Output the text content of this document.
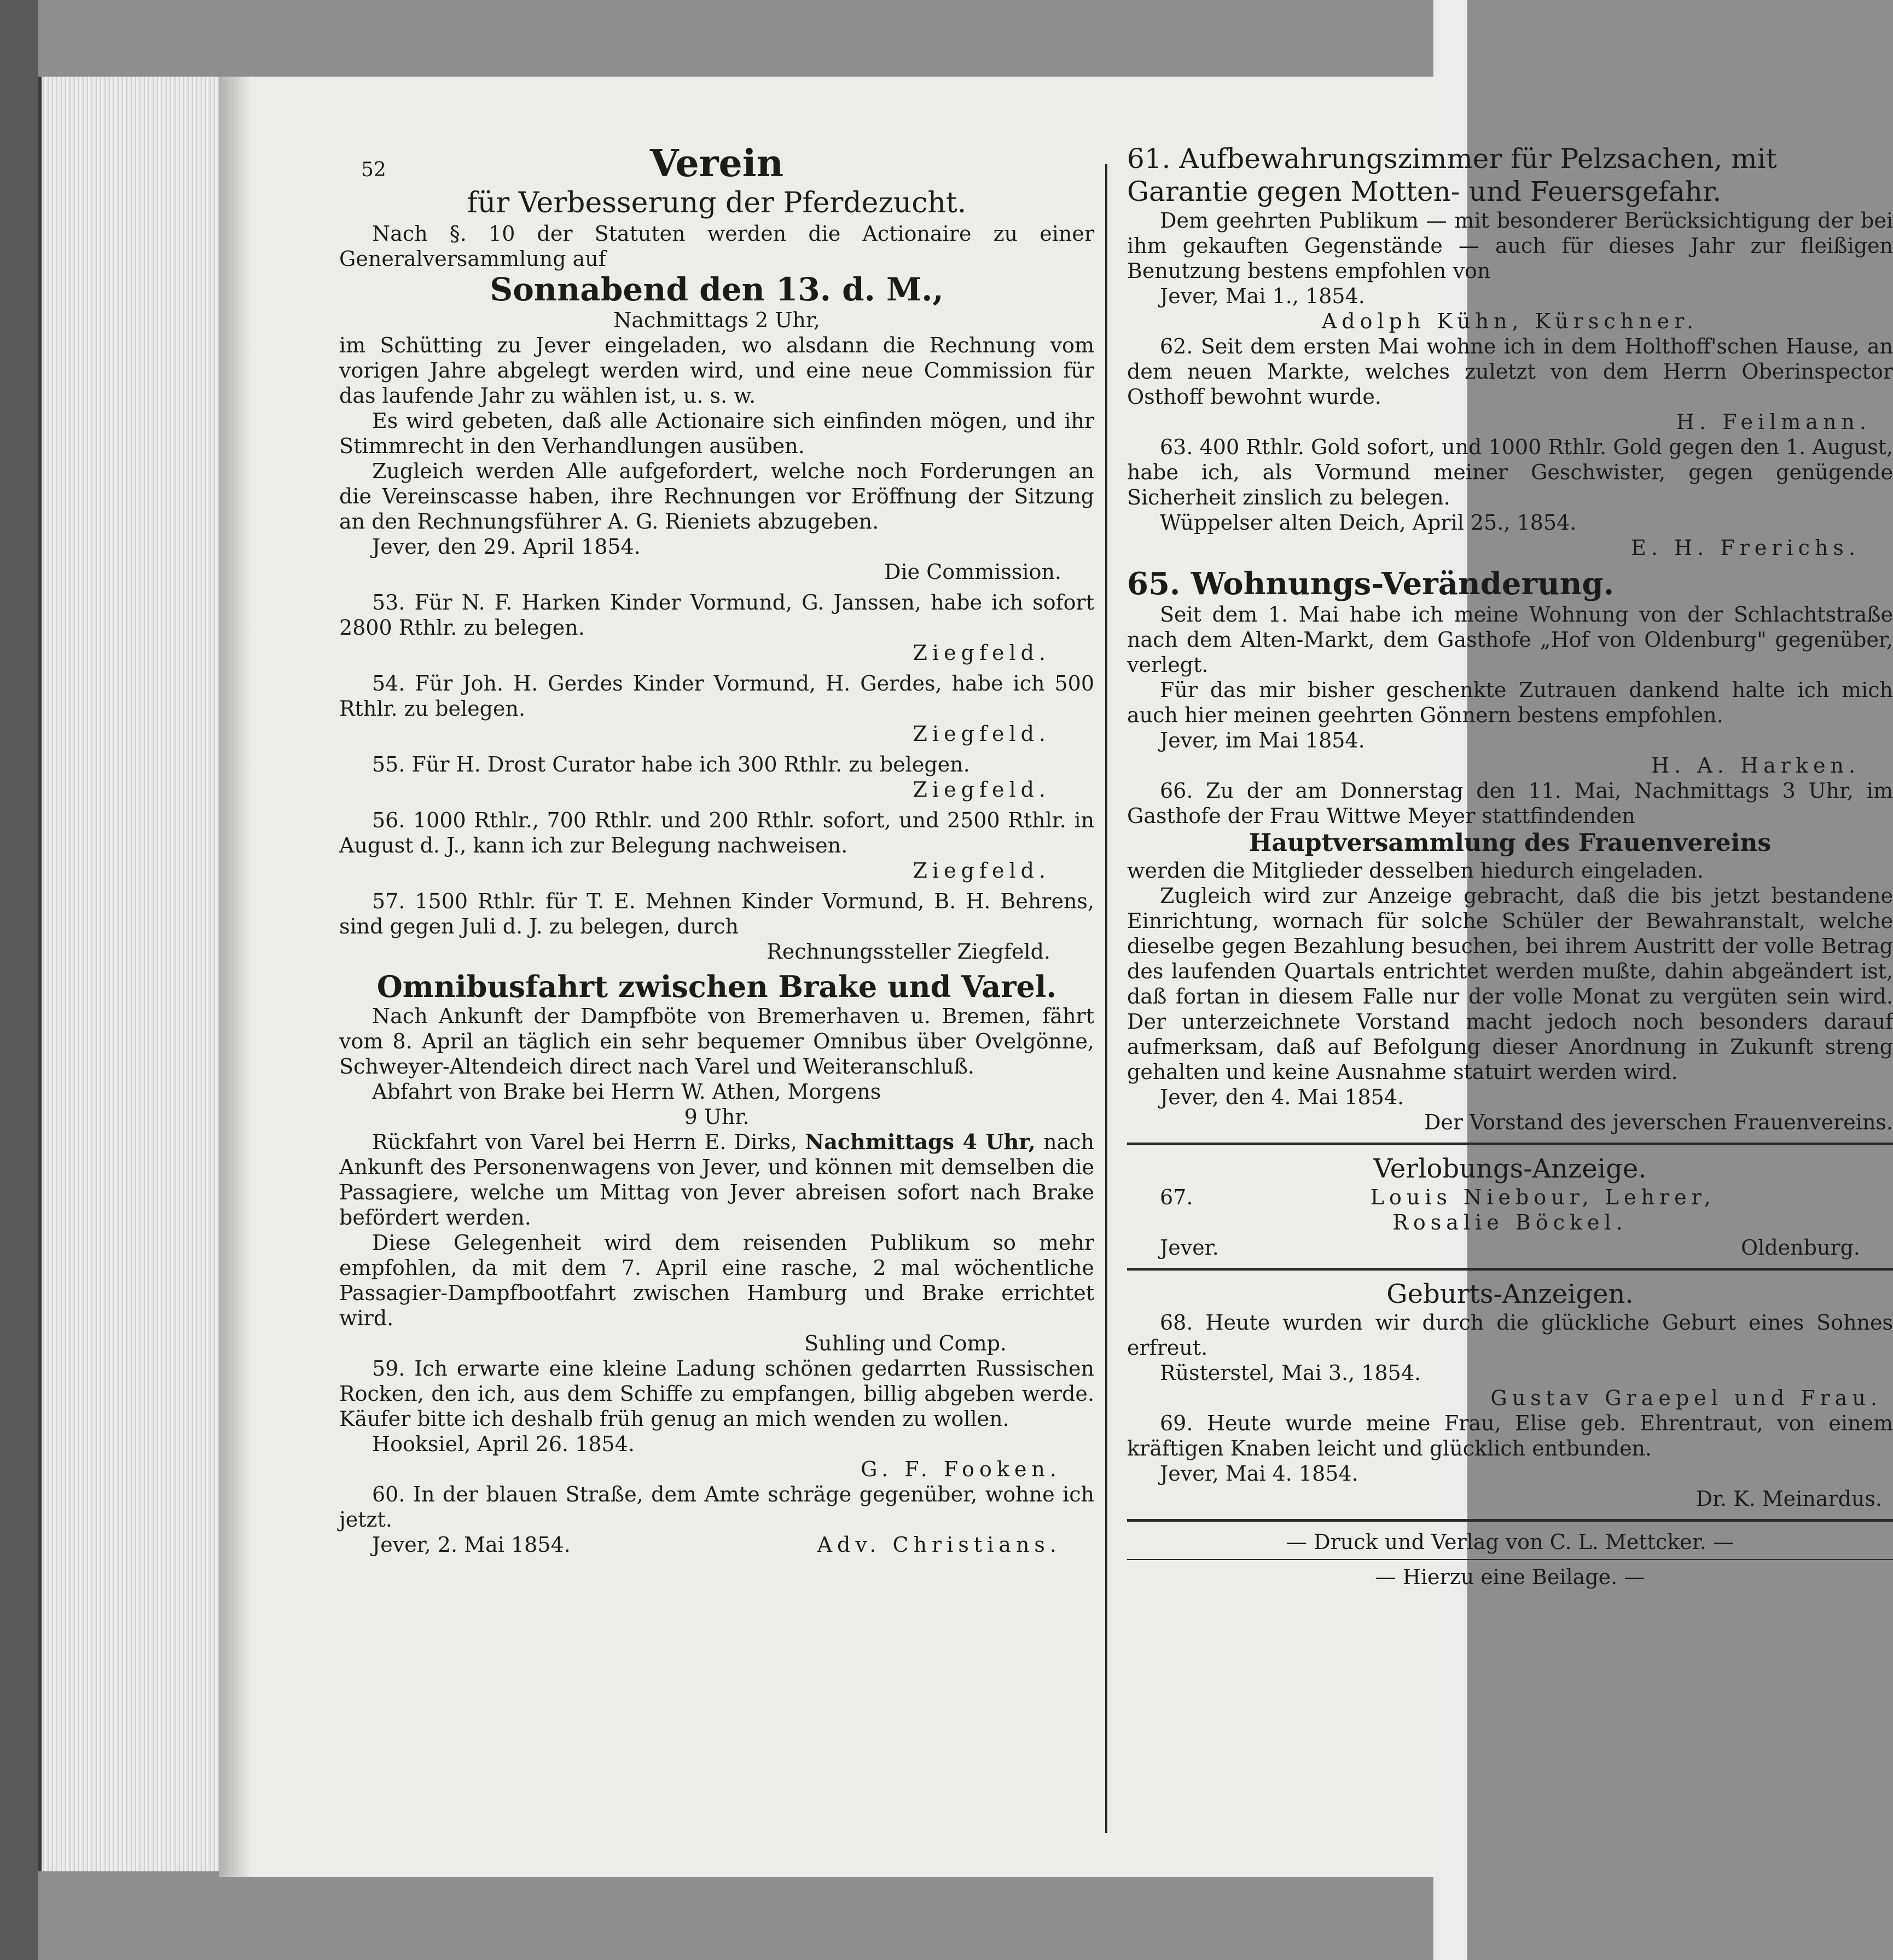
52	Verein
für Verbesserung der Pferdezucht.

Nach §. 10 der Statuten werden die Actionaire zu einer Generalversammlung auf

Sonnabend den 13. d. M.,

Nachmittags 2 Uhr,

im Schütting zu Jever eingeladen, wo alsdann die Rechnung vom vorigen Jahre abgelegt werden wird, und eine neue Commission für das laufende Jahr zu wählen ist, u. s. w.

Es wird gebeten, daß alle Actionaire sich einfinden mögen, und ihr Stimmrecht in den Verhandlungen ausüben.

Zugleich werden Alle aufgefordert, welche noch Forderungen an die Vereinscasse haben, ihre Rechnungen vor Eröffnung der Sitzung an den Rechnungsführer A. G. Rieniets abzugeben.

Jever, den 29. April 1854.

Die Commission.

53. Für N. F. Harken Kinder Vormund, G. Janssen, habe ich sofort 2800 Rthlr. zu belegen.

Ziegfeld.

54. Für Joh. H. Gerdes Kinder Vormund, H. Gerdes, habe ich 500 Rthlr. zu belegen.

Ziegfeld.

55. Für H. Drost Curator habe ich 300 Rthlr. zu belegen.

Ziegfeld.

56. 1000 Rthlr., 700 Rthlr. und 200 Rthlr. sofort, und 2500 Rthlr. in August d. J., kann ich zur Belegung nachweisen.

Ziegfeld.

57. 1500 Rthlr. für T. E. Mehnen Kinder Vormund, B. H. Behrens, sind gegen Juli d. J. zu belegen, durch

Rechnungssteller Ziegfeld.

Omnibusfahrt zwischen Brake und Varel.

Nach Ankunft der Dampfböte von Bremerhaven u. Bremen, fährt vom 8. April an täglich ein sehr bequemer Omnibus über Ovelgönne, Schweyer-Altendeich direct nach Varel und Weiteranschluß.

Abfahrt von Brake bei Herrn W. Athen, Morgens

9 Uhr.

Rückfahrt von Varel bei Herrn E. Dirks, Nachmittags 4 Uhr, nach Ankunft des Personenwagens von Jever, und können mit demselben die Passagiere, welche um Mittag von Jever abreisen sofort nach Brake befördert werden.

Diese Gelegenheit wird dem reisenden Publikum so mehr empfohlen, da mit dem 7. April eine rasche, 2 mal wöchentliche Passagier-Dampfbootfahrt zwischen Hamburg und Brake errichtet wird.

Suhling und Comp.

59. Ich erwarte eine kleine Ladung schönen gedarrten Russischen Rocken, den ich, aus dem Schiffe zu empfangen, billig abgeben werde. Käufer bitte ich deshalb früh genug an mich wenden zu wollen.

Hooksiel, April 26. 1854.

G. F. Fooken.

60. In der blauen Straße, dem Amte schräge gegenüber, wohne ich jetzt.

Jever, 2. Mai 1854.	Adv. Christians.

61. Aufbewahrungszimmer für Pelzsachen, mit Garantie gegen Motten- und Feuersgefahr.

Dem geehrten Publikum — mit besonderer Berücksichtigung der bei ihm gekauften Gegenstände — auch für dieses Jahr zur fleißigen Benutzung bestens empfohlen von

Jever, Mai 1., 1854.

Adolph Kühn, Kürschner.

62. Seit dem ersten Mai wohne ich in dem Holthoff'schen Hause, an dem neuen Markte, welches zuletzt von dem Herrn Oberinspector Osthoff bewohnt wurde.

H. Feilmann.

63. 400 Rthlr. Gold sofort, und 1000 Rthlr. Gold gegen den 1. August, habe ich, als Vormund meiner Geschwister, gegen genügende Sicherheit zinslich zu belegen.

Wüppelser alten Deich, April 25., 1854.

E. H. Frerichs.

65. Wohnungs-Veränderung.

Seit dem 1. Mai habe ich meine Wohnung von der Schlachtstraße nach dem Alten-Markt, dem Gasthofe „Hof von Oldenburg" gegenüber, verlegt.

Für das mir bisher geschenkte Zutrauen dankend halte ich mich auch hier meinen geehrten Gönnern bestens empfohlen.

Jever, im Mai 1854.

H. A. Harken.

66. Zu der am Donnerstag den 11. Mai, Nachmittags 3 Uhr, im Gasthofe der Frau Wittwe Meyer stattfindenden

Hauptversammlung des Frauenvereins

werden die Mitglieder desselben hiedurch eingeladen.

Zugleich wird zur Anzeige gebracht, daß die bis jetzt bestandene Einrichtung, wornach für solche Schüler der Bewahranstalt, welche dieselbe gegen Bezahlung besuchen, bei ihrem Austritt der volle Betrag des laufenden Quartals entrichtet werden mußte, dahin abgeändert ist, daß fortan in diesem Falle nur der volle Monat zu vergüten sein wird. Der unterzeichnete Vorstand macht jedoch noch besonders darauf aufmerksam, daß auf Befolgung dieser Anordnung in Zukunft streng gehalten und keine Ausnahme statuirt werden wird.

Jever, den 4. Mai 1854.

Der Vorstand des jeverschen Frauenvereins.

Verlobungs-Anzeige.
67.	Louis Niebour, Lehrer,

Rosalie Böckel.

Jever.	Oldenburg.
Geburts-Anzeigen.

68. Heute wurden wir durch die glückliche Geburt eines Sohnes erfreut.

Rüsterstel, Mai 3., 1854.

Gustav Graepel und Frau.

69. Heute wurde meine Frau, Elise geb. Ehrentraut, von einem kräftigen Knaben leicht und glücklich entbunden.

Jever, Mai 4. 1854.

Dr. K. Meinardus.

— Druck und Verlag von C. L. Mettcker. —

— Hierzu eine Beilage. —
